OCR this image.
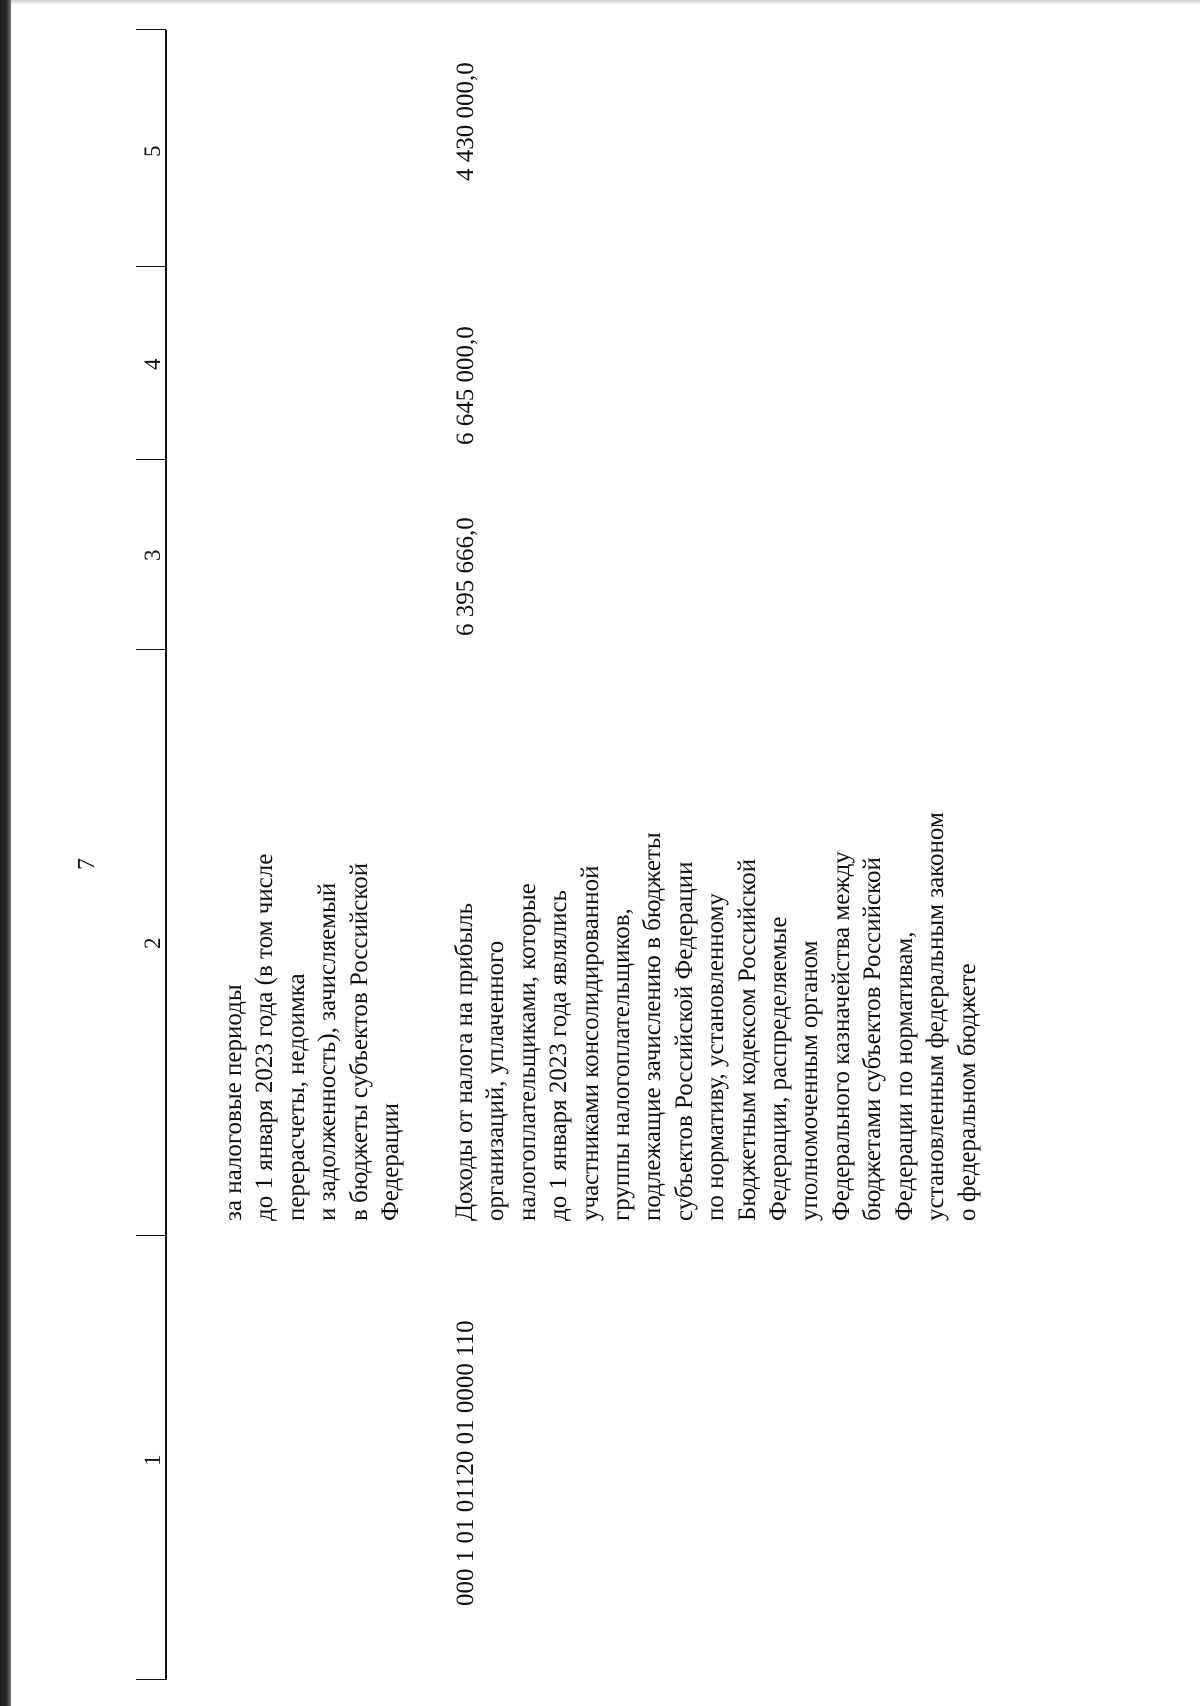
7
1
2
3
4
5
за налоговые периоды до 1 января 2023 года (в том числе перерасчеты, недоимка и задолженность), зачисляемый в бюджеты субъектов Российской Федерации
000 1 01 01120 01 0000 110
Доходы от налога на прибыль организаций, уплаченного налогоплательщиками, которые до 1 января 2023 года являлись участниками консолидированной группы налогоплательщиков, подлежащие зачислению в бюджеты субъектов Российской Федерации по нормативу, установленному Бюджетным кодексом Российской Федерации, распределяемые уполномоченным органом Федерального казначейства между бюджетами субъектов Российской Федерации по нормативам, установленным федеральным законом о федеральном бюджете
6 395 666,0
6 645 000,0
4 430 000,0
